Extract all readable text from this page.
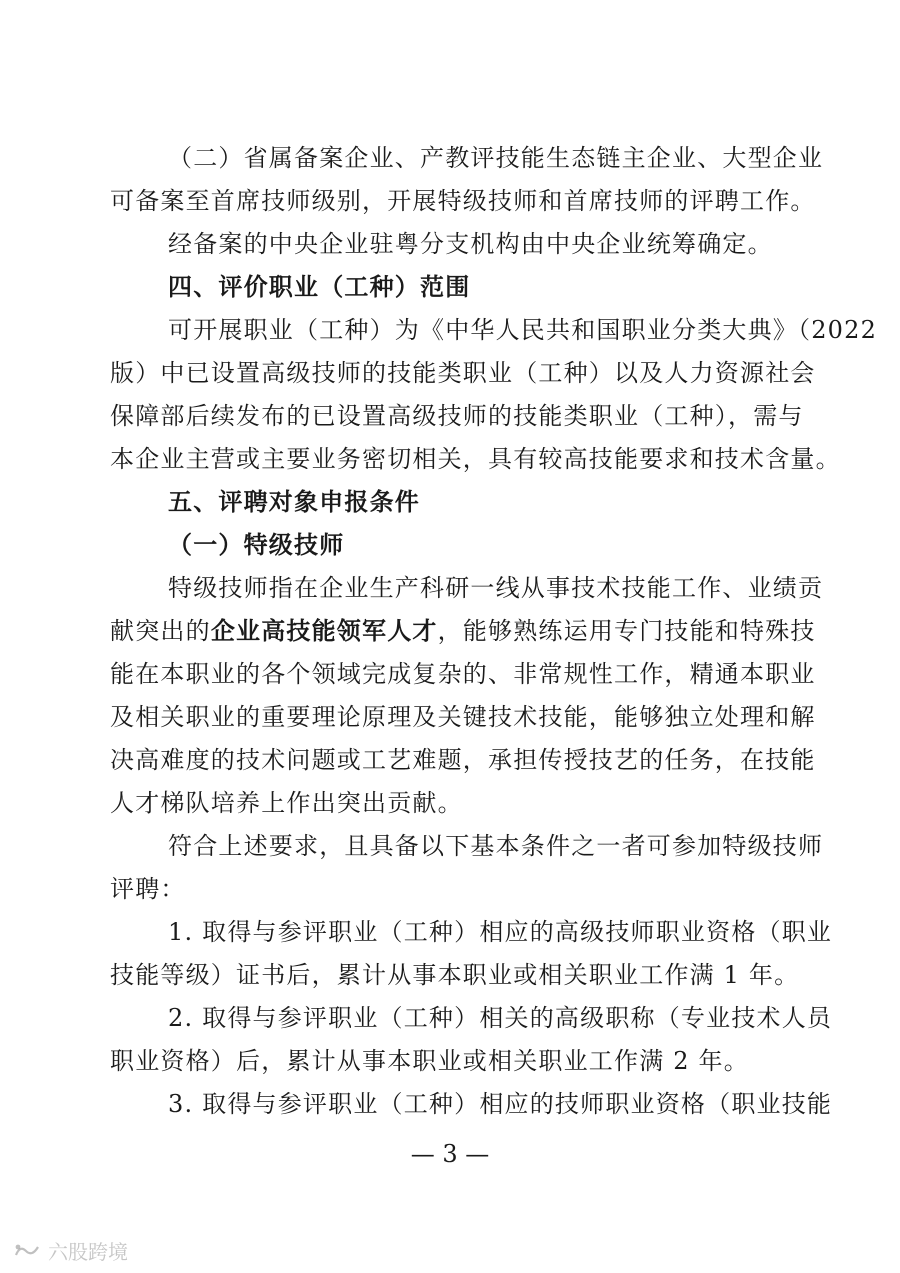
（二）省属备案企业、产教评技能生态链主企业、大型企业
可备案至首席技师级别，开展特级技师和首席技师的评聘工作。
经备案的中央企业驻粤分支机构由中央企业统筹确定。
四、评价职业（工种）范围
可开展职业（工种）为《中华人民共和国职业分类大典》（2022
版）中已设置高级技师的技能类职业（工种）以及人力资源社会
保障部后续发布的已设置高级技师的技能类职业（工种），需与
本企业主营或主要业务密切相关，具有较高技能要求和技术含量。
五、评聘对象申报条件
（一）特级技师
特级技师指在企业生产科研一线从事技术技能工作、业绩贡
献突出的企业高技能领军人才，能够熟练运用专门技能和特殊技
能在本职业的各个领域完成复杂的、非常规性工作，精通本职业
及相关职业的重要理论原理及关键技术技能，能够独立处理和解
决高难度的技术问题或工艺难题，承担传授技艺的任务，在技能
人才梯队培养上作出突出贡献。
符合上述要求，且具备以下基本条件之一者可参加特级技师
评聘：
1. 取得与参评职业（工种）相应的高级技师职业资格（职业
技能等级）证书后，累计从事本职业或相关职业工作满 1 年。
2. 取得与参评职业（工种）相关的高级职称（专业技术人员
职业资格）后，累计从事本职业或相关职业工作满 2 年。
3. 取得与参评职业（工种）相应的技师职业资格（职业技能
— 3 —
六股跨境
